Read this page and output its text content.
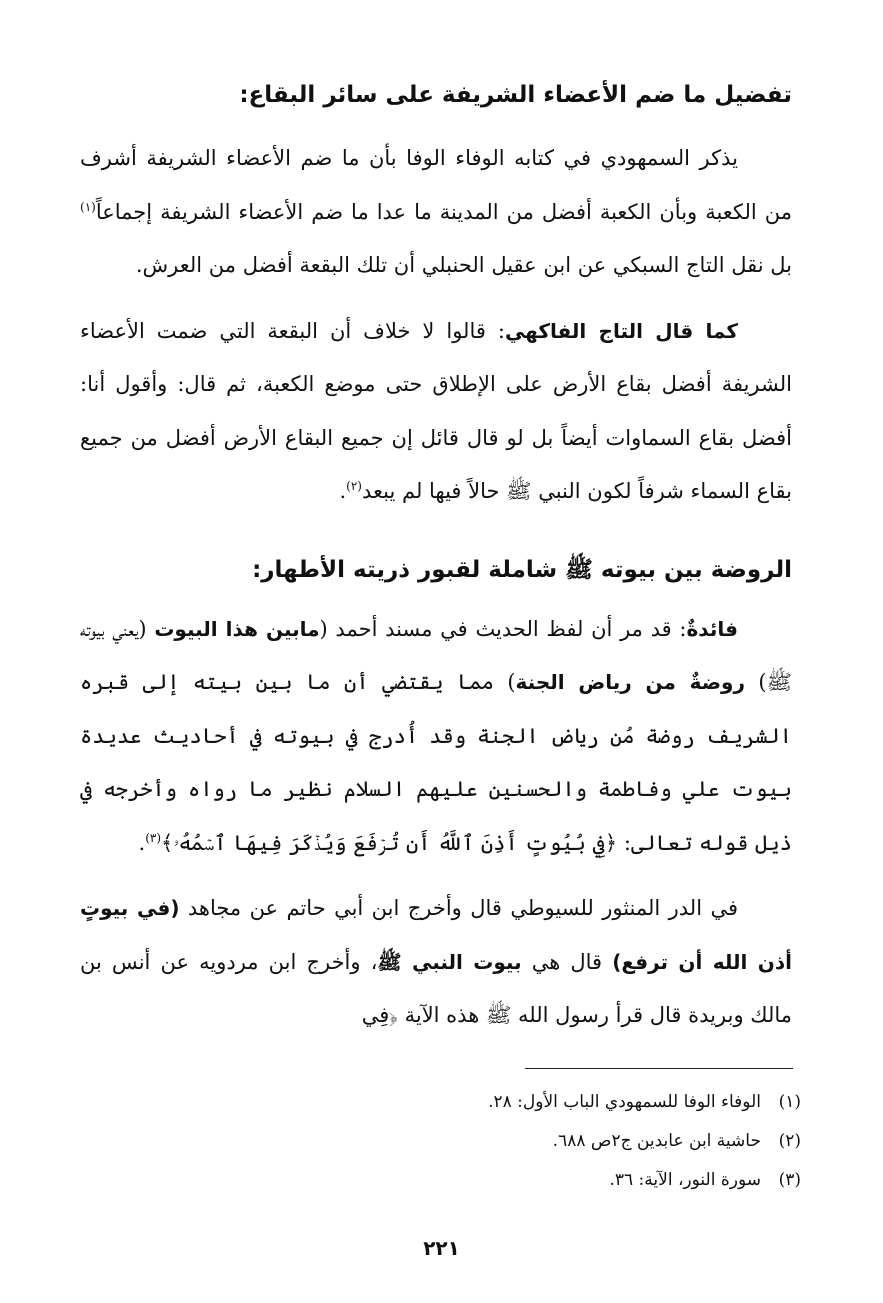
تفضيل ما ضم الأعضاء الشريفة على سائر البقاع:

يذكر السمهودي في كتابه الوفاء الوفا بأن ما ضم الأعضاء الشريفة أشرف من الكعبة وبأن الكعبة أفضل من المدينة ما عدا ما ضم الأعضاء الشريفة إجماعاً$^{(١)}$ بل نقل التاج السبكي عن ابن عقيل الحنبلي أن تلك البقعة أفضل من العرش.

كما قال التاج الفاكهي: قالوا لا خلاف أن البقعة التي ضمت الأعضاء الشريفة أفضل بقاع الأرض على الإطلاق حتى موضع الكعبة، ثم قال: وأقول أنا: أفضل بقاع السماوات أيضاً بل لو قال قائل إن جميع البقاع الأرض أفضل من جميع بقاع السماء شرفاً لكون النبي ﷺ حالاً فيها لم يبعد$^{(٢)}$.

الروضة بين بيوته ﷺ شاملة لقبور ذريته الأطهار:

فائدةٌ: قد مر أن لفظ الحديث في مسند أحمد (مابين هذا البيوت (يعني بيوته ﷺ) روضةٌ من رياض الجنة) مما يقتضي أن ما بين بيته إلى قبره الشريف روضة مُن رياض الجنة وقد أُدرج في بيوته في أحاديث عديدة بيوت علي وفاطمة والحسنين عليهم السلام نظير ما رواه وأخرجه في ذيل قوله تعالى: ﴿فِي بُيُوتٍ أَذِنَ ٱللَّهُ أَن تُرۡفَعَ وَيُذۡكَرَ فِيهَا ٱسۡمُهُۥ﴾$^{(٣)}$.

في الدر المنثور للسيوطي قال وأخرج ابن أبي حاتم عن مجاهد (في بيوتٍ أذن الله أن ترفع) قال هي بيوت النبي ﷺ، وأخرج ابن مردويه عن أنس بن مالك وبريدة قال قرأ رسول الله ﷺ هذه الآية ﴿فِي

(١)الوفاء الوفا للسمهودي الباب الأول: ٢٨.
(٢)حاشية ابن عابدين ج٢ص ٦٨٨.
(٣)سورة النور، الآية: ٣٦.
٢٢١
